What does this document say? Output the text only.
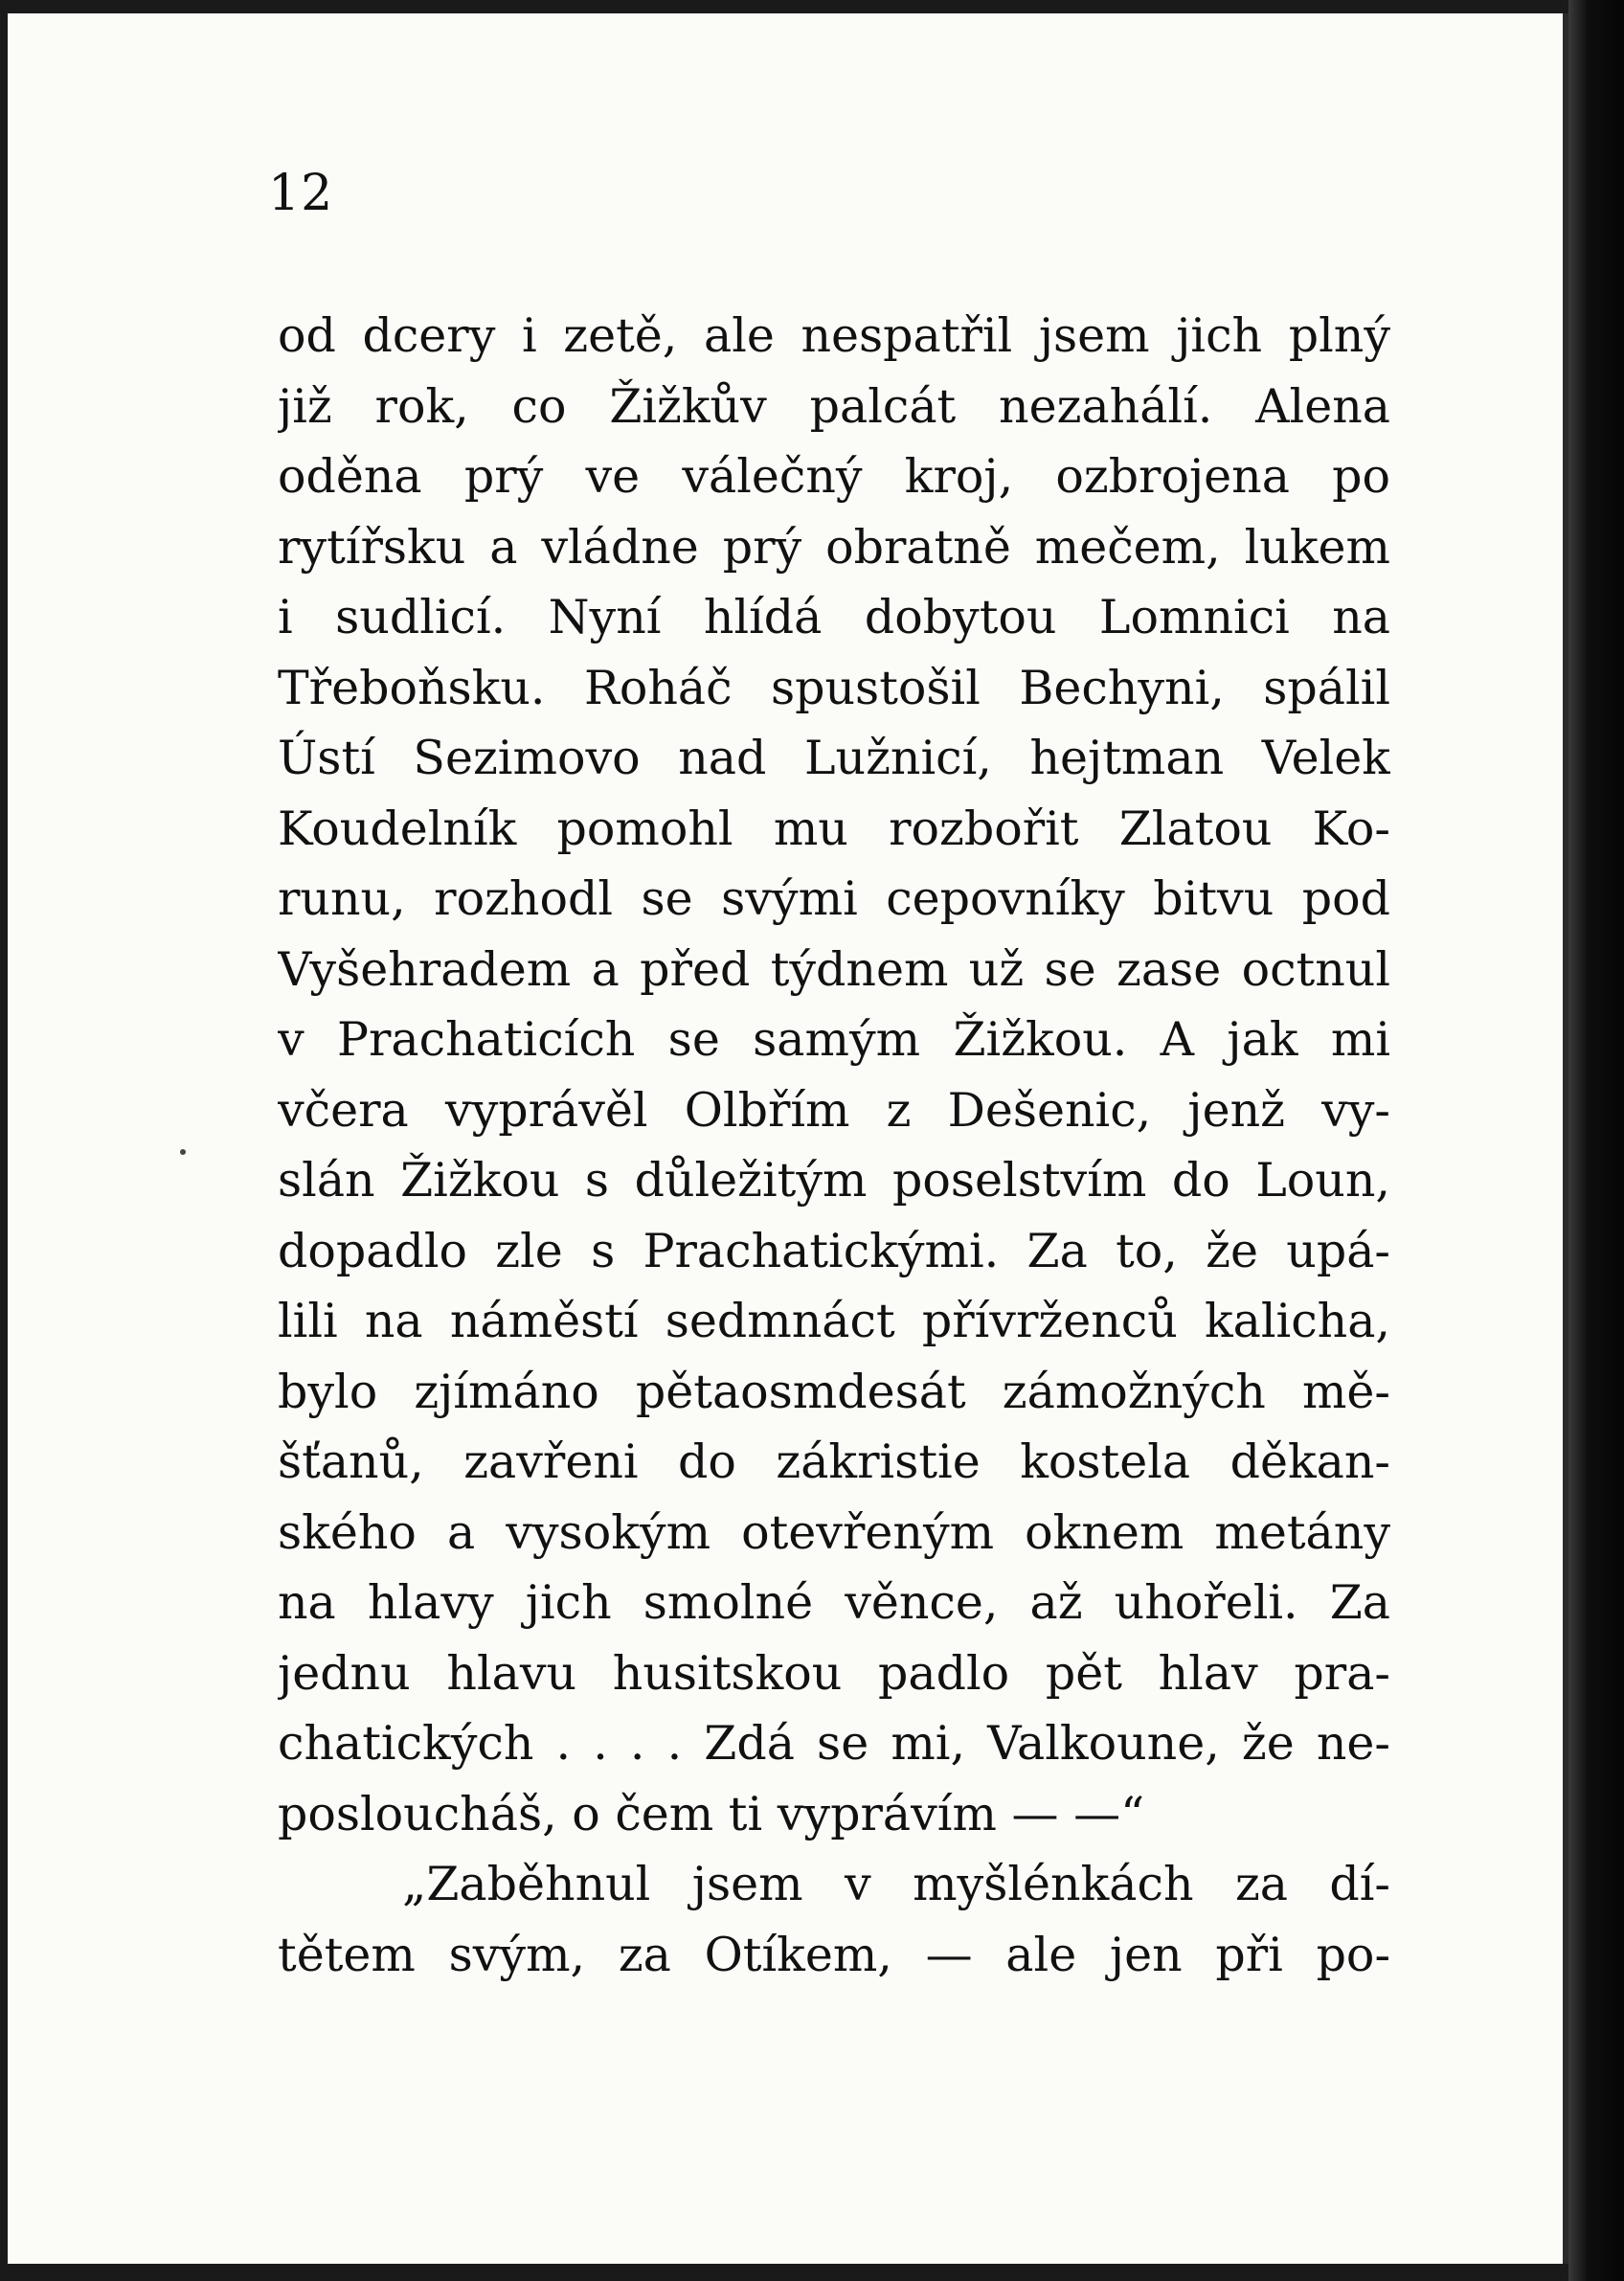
12
od dcery i zetě, ale nespatřil jsem jich plný
již rok, co Žižkův palcát nezahálí. Alena
oděna prý ve válečný kroj, ozbrojena po
rytířsku a vládne prý obratně mečem, lukem
i sudlicí. Nyní hlídá dobytou Lomnici na
Třeboňsku. Roháč spustošil Bechyni, spálil
Ústí Sezimovo nad Lužnicí, hejtman Velek
Koudelník pomohl mu rozbořit Zlatou Ko-
runu, rozhodl se svými cepovníky bitvu pod
Vyšehradem a před týdnem už se zase octnul
v Prachaticích se samým Žižkou. A jak mi
včera vyprávěl Olbřím z Dešenic, jenž vy-
slán Žižkou s důležitým poselstvím do Loun,
dopadlo zle s Prachatickými. Za to, že upá-
lili na náměstí sedmnáct přívrženců kalicha,
bylo zjímáno pětaosmdesát zámožných mě-
šťanů, zavřeni do zákristie kostela děkan-
ského a vysokým otevřeným oknem metány
na hlavy jich smolné věnce, až uhořeli. Za
jednu hlavu husitskou padlo pět hlav pra-
chatických . . . . Zdá se mi, Valkoune, že ne-
posloucháš, o čem ti vyprávím — —“
„Zaběhnul jsem v myšlénkách za dí-
tětem svým, za Otíkem, — ale jen při po-
